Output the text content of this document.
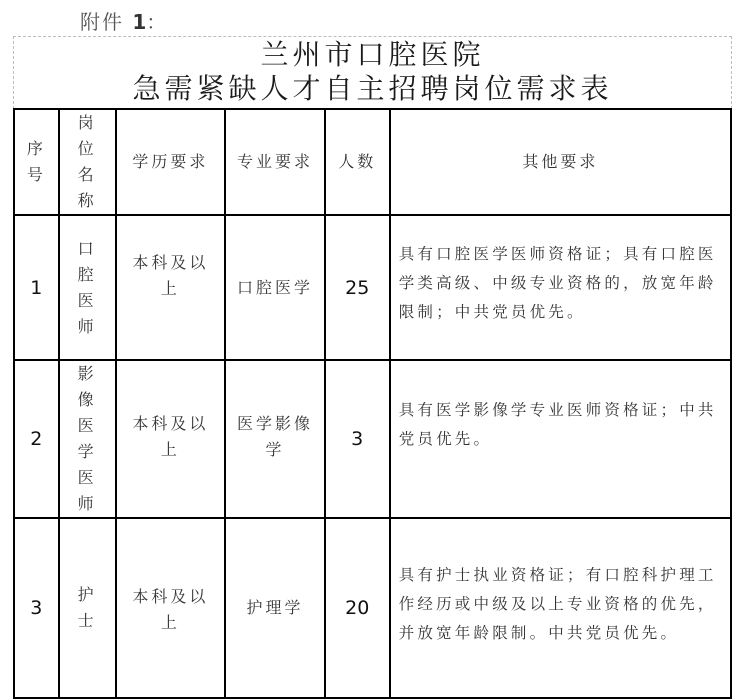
附件 1：
兰州市口腔医院
急需紧缺人才自主招聘岗位需求表
序号	岗位名称	学历要求	专业要求	人数	其他要求
1	口腔医师	本科及以上	口腔医学	25	具有口腔医学医师资格证；具有口腔医学类高级、中级专业资格的，放宽年龄限制；中共党员优先。
2	影像医学医师	本科及以上	医学影像学	3	具有医学影像学专业医师资格证；中共党员优先。
3	护士	本科及以上	护理学	20	具有护士执业资格证；有口腔科护理工作经历或中级及以上专业资格的优先，并放宽年龄限制。中共党员优先。
